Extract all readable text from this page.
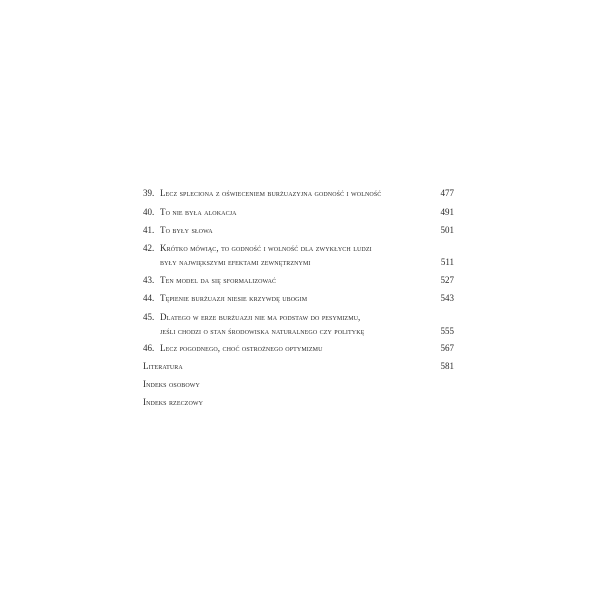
39. Lecz spleciona z oświeceniem burżuazyjna godność i wolność	477
40. To nie była alokacja	491
41. To były słowa	501
42. Krótko mówiąc, to godność i wolność dla zwykłych ludzi
były największymi efektami zewnętrznymi	511
43. Ten model da się sformalizować	527
44. Tępienie burżuazji niesie krzywdę ubogim	543
45. Dlatego w erze burżuazji nie ma podstaw do pesymizmu,
jeśli chodzi o stan środowiska naturalnego czy politykę	555
46. Lecz pogodnego, choć ostrożnego optymizmu	567
Literatura	581
Indeks osobowy
Indeks rzeczowy
